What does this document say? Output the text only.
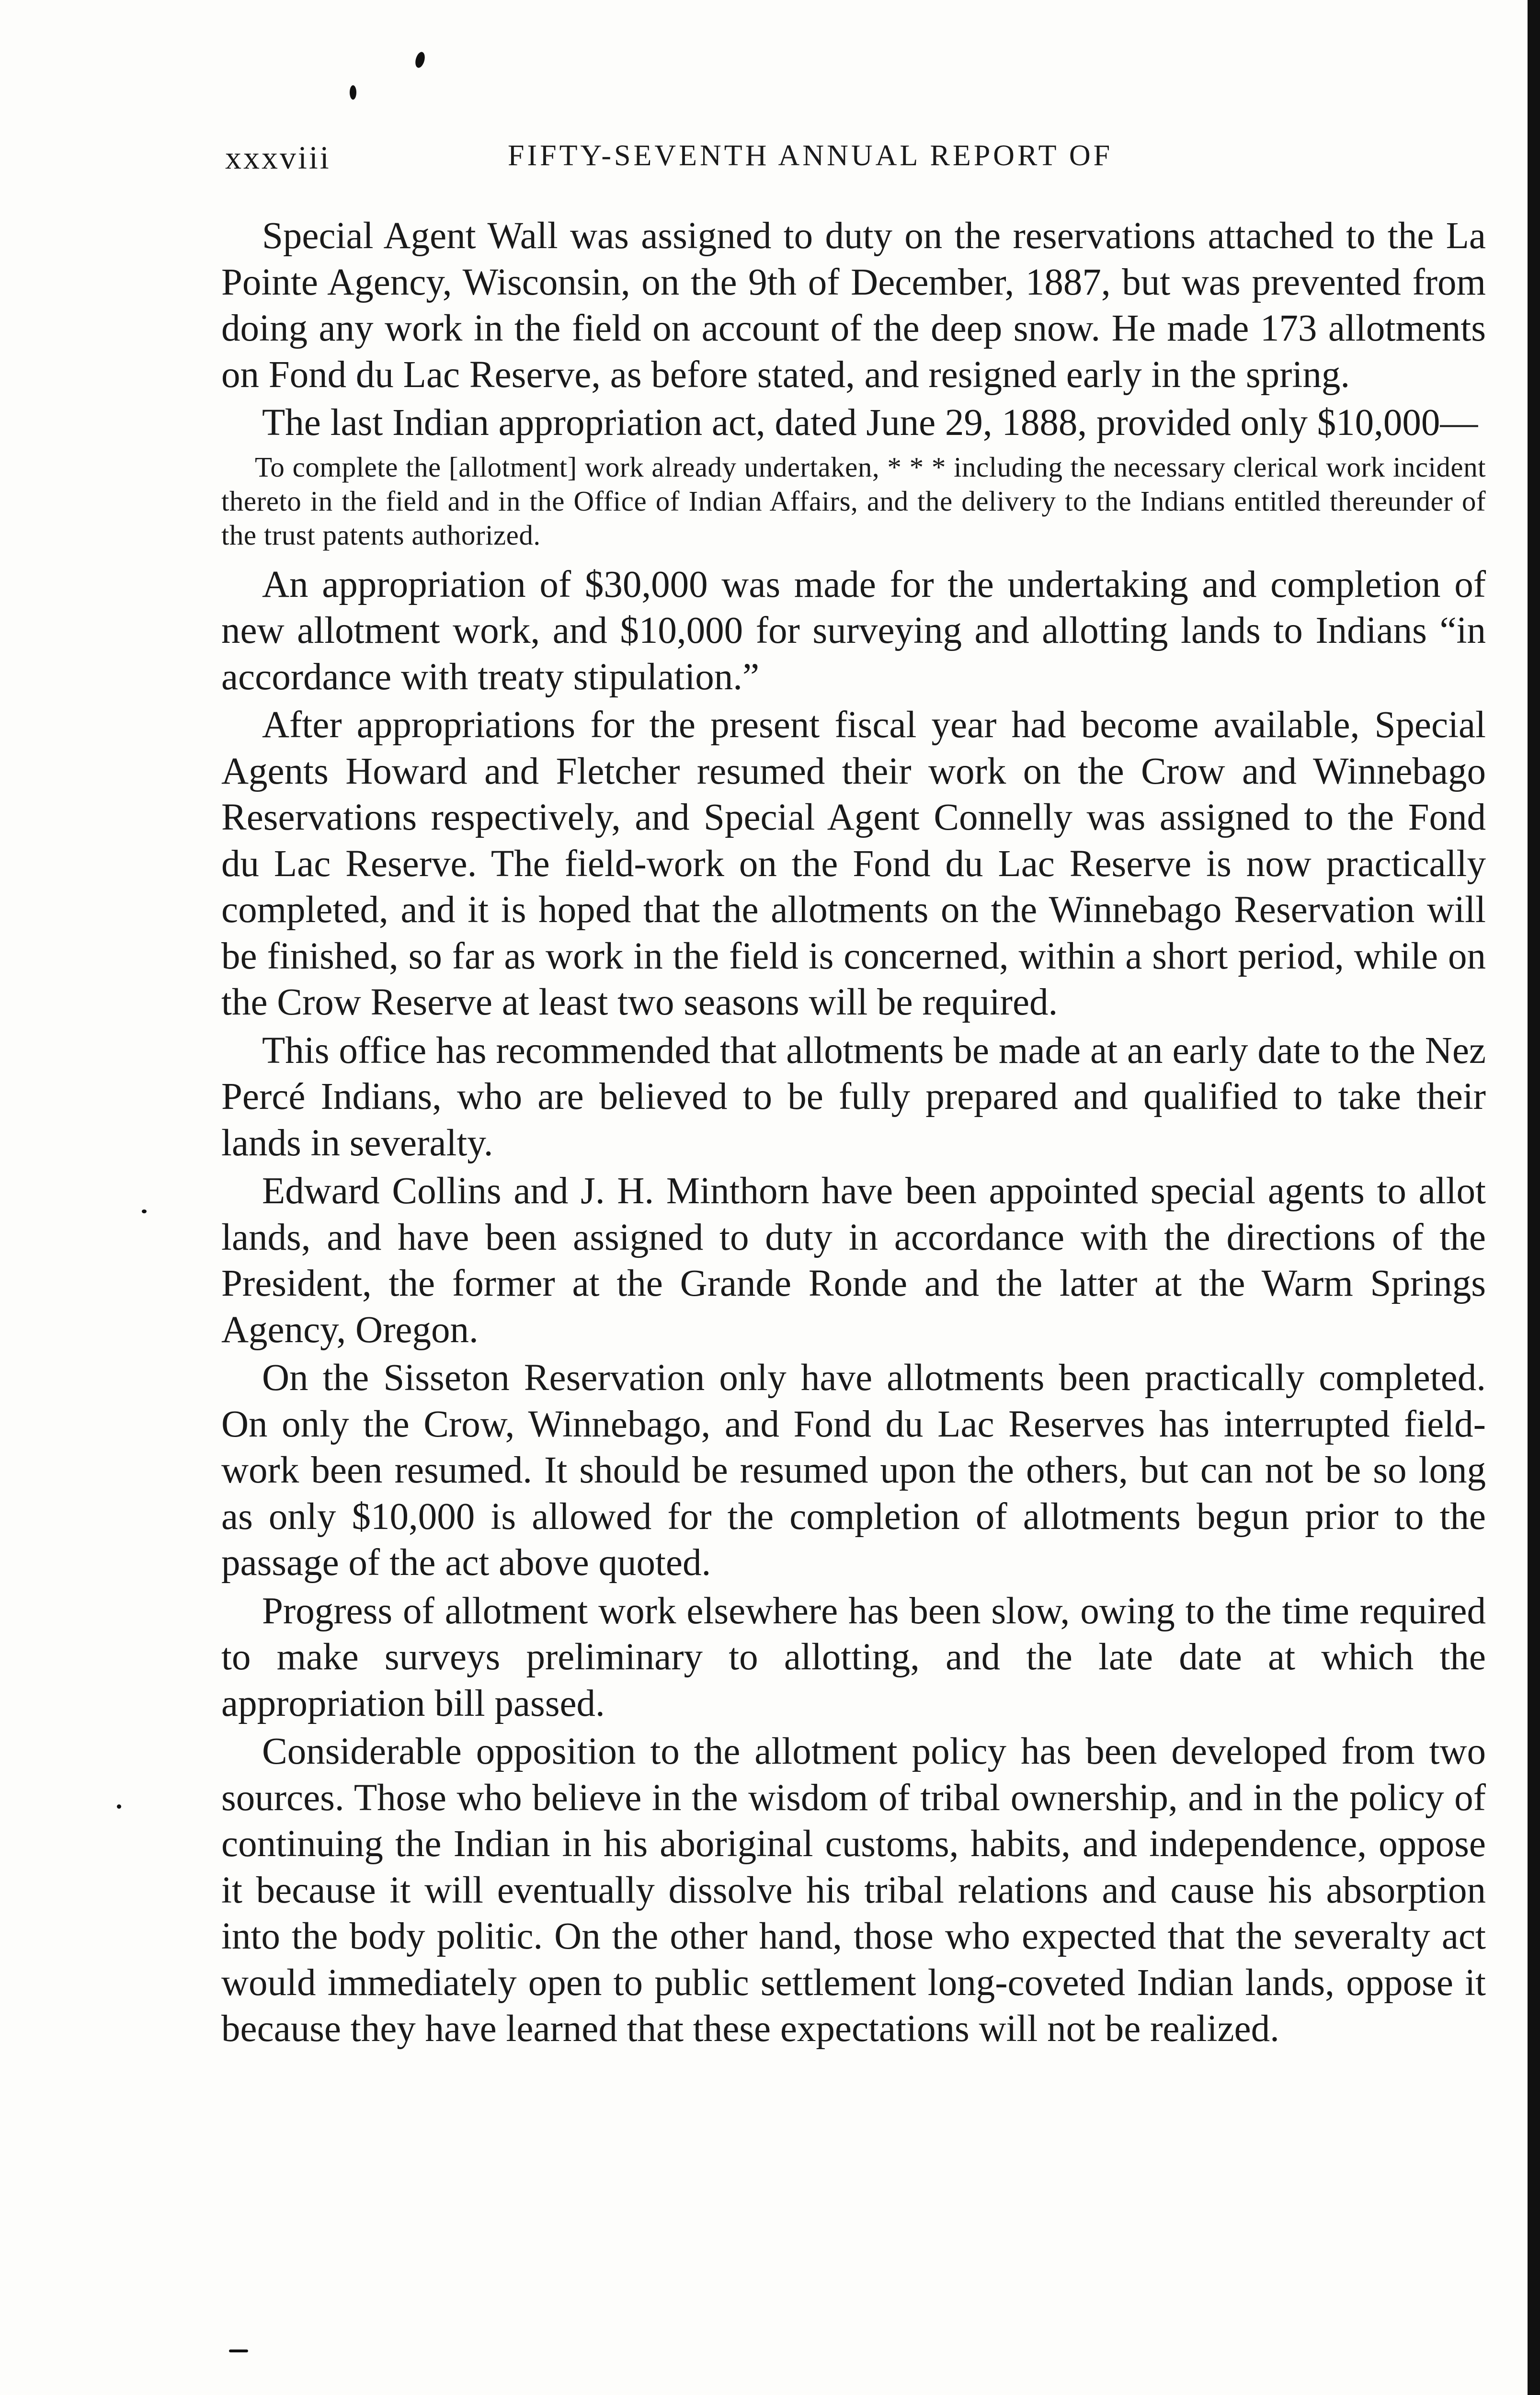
xxxviii	FIFTY-SEVENTH ANNUAL REPORT OF

Special Agent Wall was assigned to duty on the reservations attached to the La Pointe Agency, Wisconsin, on the 9th of December, 1887, but was prevented from doing any work in the field on account of the deep snow. He made 173 allotments on Fond du Lac Reserve, as before stated, and resigned early in the spring.

The last Indian appropriation act, dated June 29, 1888, provided only $10,000—

To complete the [allotment] work already undertaken, * * * including the necessary clerical work incident thereto in the field and in the Office of Indian Affairs, and the delivery to the Indians entitled thereunder of the trust patents authorized.

An appropriation of $30,000 was made for the undertaking and completion of new allotment work, and $10,000 for surveying and allotting lands to Indians “in accordance with treaty stipulation.”

After appropriations for the present fiscal year had become available, Special Agents Howard and Fletcher resumed their work on the Crow and Winnebago Reservations respectively, and Special Agent Connelly was assigned to the Fond du Lac Reserve. The field-work on the Fond du Lac Reserve is now practically completed, and it is hoped that the allotments on the Winnebago Reservation will be finished, so far as work in the field is concerned, within a short period, while on the Crow Reserve at least two seasons will be required.

This office has recommended that allotments be made at an early date to the Nez Percé Indians, who are believed to be fully prepared and qualified to take their lands in severalty.

Edward Collins and J. H. Minthorn have been appointed special agents to allot lands, and have been assigned to duty in accordance with the directions of the President, the former at the Grande Ronde and the latter at the Warm Springs Agency, Oregon.

On the Sisseton Reservation only have allotments been practically completed. On only the Crow, Winnebago, and Fond du Lac Reserves has interrupted field-work been resumed. It should be resumed upon the others, but can not be so long as only $10,000 is allowed for the completion of allotments begun prior to the passage of the act above quoted.

Progress of allotment work elsewhere has been slow, owing to the time required to make surveys preliminary to allotting, and the late date at which the appropriation bill passed.

Considerable opposition to the allotment policy has been developed from two sources. Those who believe in the wisdom of tribal ownership, and in the policy of continuing the Indian in his aboriginal customs, habits, and independence, oppose it because it will eventually dissolve his tribal relations and cause his absorption into the body politic. On the other hand, those who expected that the severalty act would immediately open to public settlement long-coveted Indian lands, oppose it because they have learned that these expectations will not be realized.
